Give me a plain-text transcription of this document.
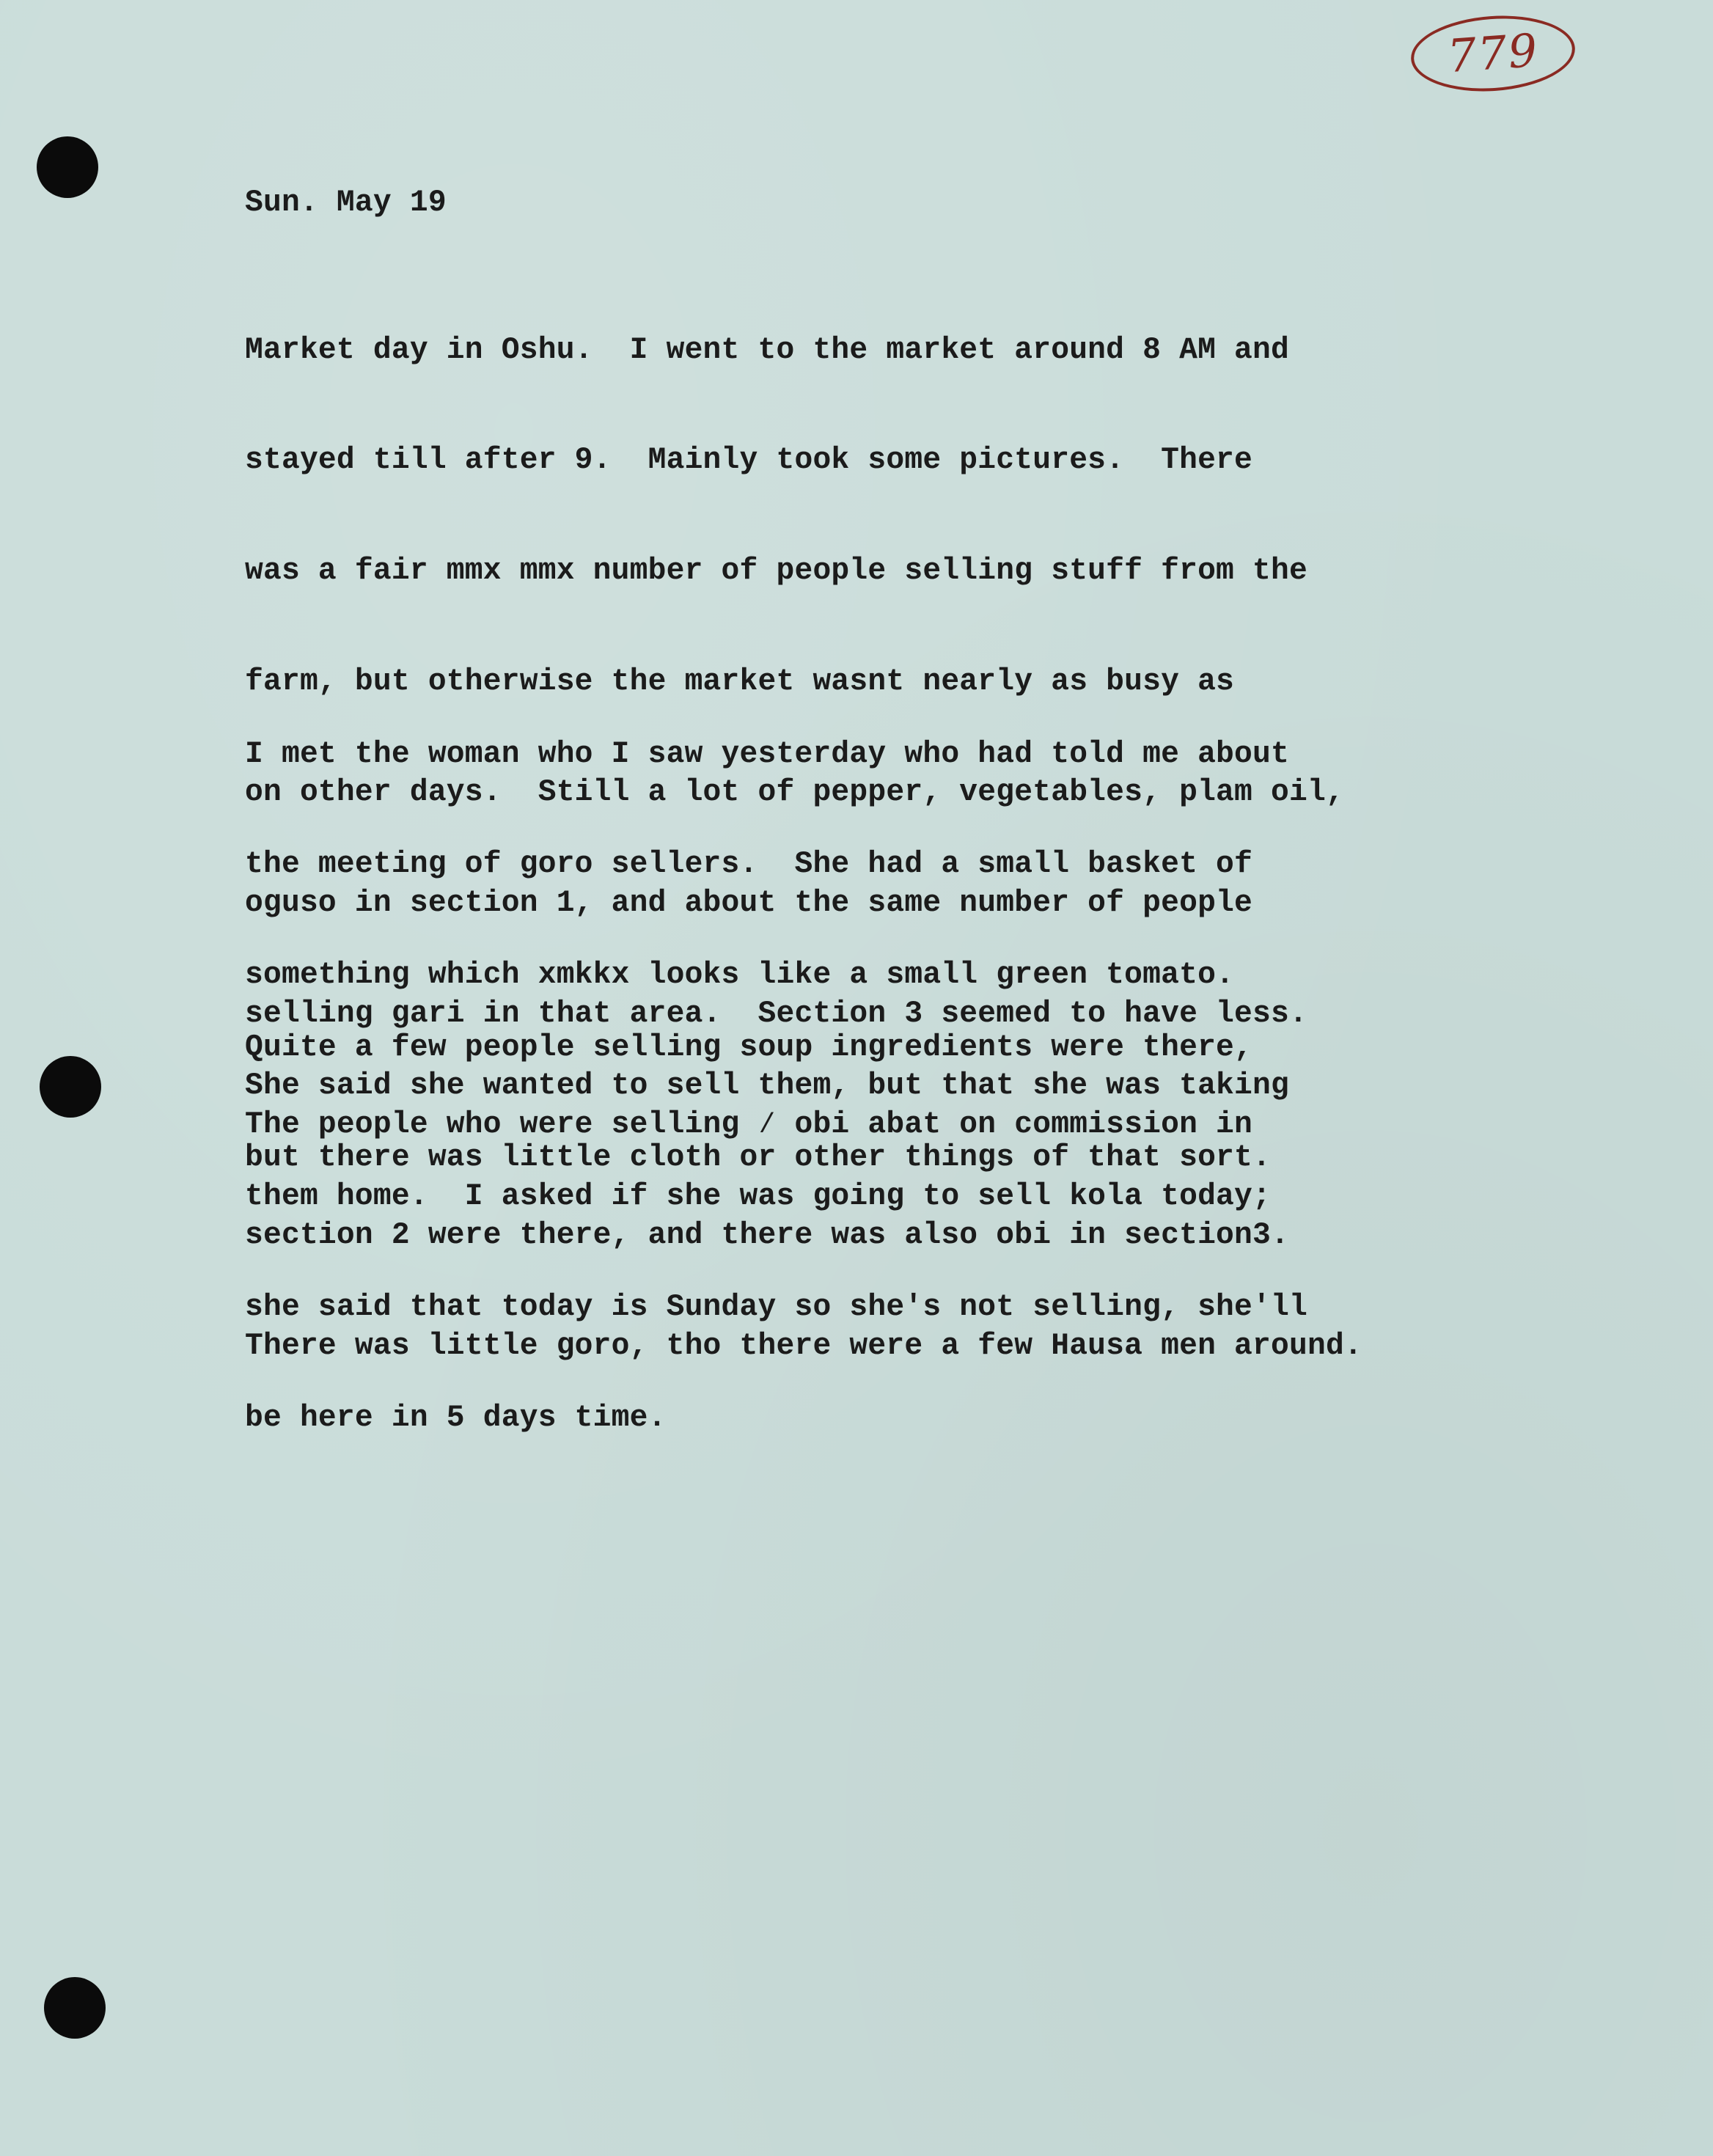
779
Sun. May 19

Market day in Oshu.  I went to the market around 8 AM and

stayed till after 9.  Mainly took some pictures.  There

was a fair mmx mmx number of people selling stuff from the

farm, but otherwise the market wasnt nearly as busy as

on other days.  Still a lot of pepper, vegetables, plam oil,

oguso in section 1, and about the same number of people

selling gari in that area.  Section 3 seemed to have less.

The people who were selling ⁄ obi abat on commission in

section 2 were there, and there was also obi in section3.

There was little goro, tho there were a few Hausa men around.

I met the woman who I saw yesterday who had told me about

the meeting of goro sellers.  She had a small basket of

something which xmkkx looks like a small green tomato.

She said she wanted to sell them, but that she was taking

them home.  I asked if she was going to sell kola today;

she said that today is Sunday so she's not selling, she'll

be here in 5 days time.

Quite a few people selling soup ingredients were there,

but there was little cloth or other things of that sort.
